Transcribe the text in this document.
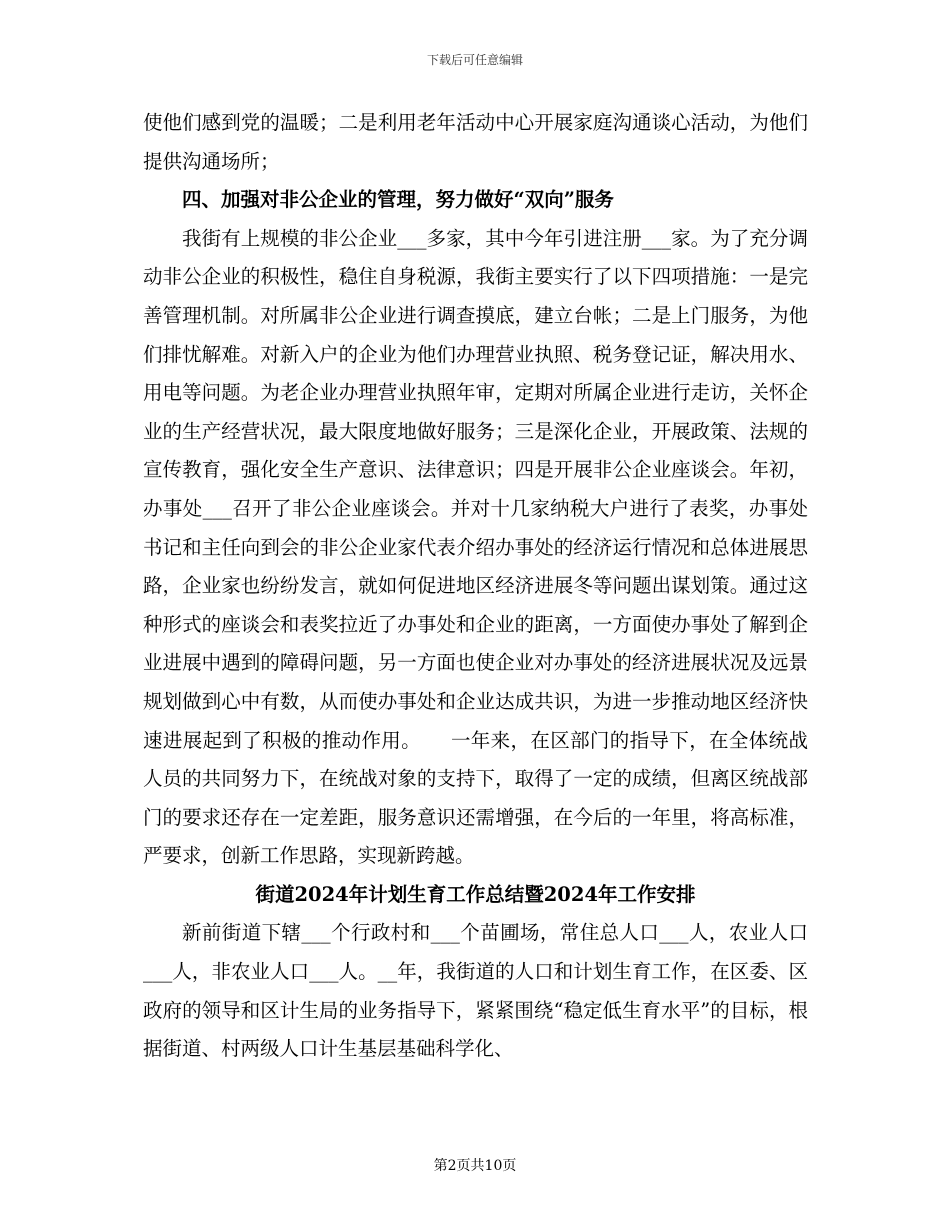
下载后可任意编辑

使他们感到党的温暖；二是利用老年活动中心开展家庭沟通谈心活动，为他们提供沟通场所；

四、加强对非公企业的管理，努力做好“双向”服务

我街有上规模的非公企业___多家，其中今年引进注册___家。为了充分调动非公企业的积极性，稳住自身税源，我街主要实行了以下四项措施：一是完善管理机制。对所属非公企业进行调查摸底，建立台帐；二是上门服务，为他们排忧解难。对新入户的企业为他们办理营业执照、税务登记证，解决用水、用电等问题。为老企业办理营业执照年审，定期对所属企业进行走访，关怀企业的生产经营状况，最大限度地做好服务；三是深化企业，开展政策、法规的宣传教育，强化安全生产意识、法律意识；四是开展非公企业座谈会。年初，办事处___召开了非公企业座谈会。并对十几家纳税大户进行了表奖，办事处书记和主任向到会的非公企业家代表介绍办事处的经济运行情况和总体进展思路，企业家也纷纷发言，就如何促进地区经济进展冬等问题出谋划策。通过这种形式的座谈会和表奖拉近了办事处和企业的距离，一方面使办事处了解到企业进展中遇到的障碍问题，另一方面也使企业对办事处的经济进展状况及远景规划做到心中有数，从而使办事处和企业达成共识，为进一步推动地区经济快速进展起到了积极的推动作用。　　一年来，在区部门的指导下，在全体统战人员的共同努力下，在统战对象的支持下，取得了一定的成绩，但离区统战部门的要求还存在一定差距，服务意识还需增强，在今后的一年里，将高标准，严要求，创新工作思路，实现新跨越。

街道2024年计划生育工作总结暨2024年工作安排

新前街道下辖___个行政村和___个苗圃场，常住总人口___人，农业人口___人，非农业人口___人。__年，我街道的人口和计划生育工作，在区委、区政府的领导和区计生局的业务指导下，紧紧围绕“稳定低生育水平”的目标，根据街道、村两级人口计生基层基础科学化、

第2页共10页
